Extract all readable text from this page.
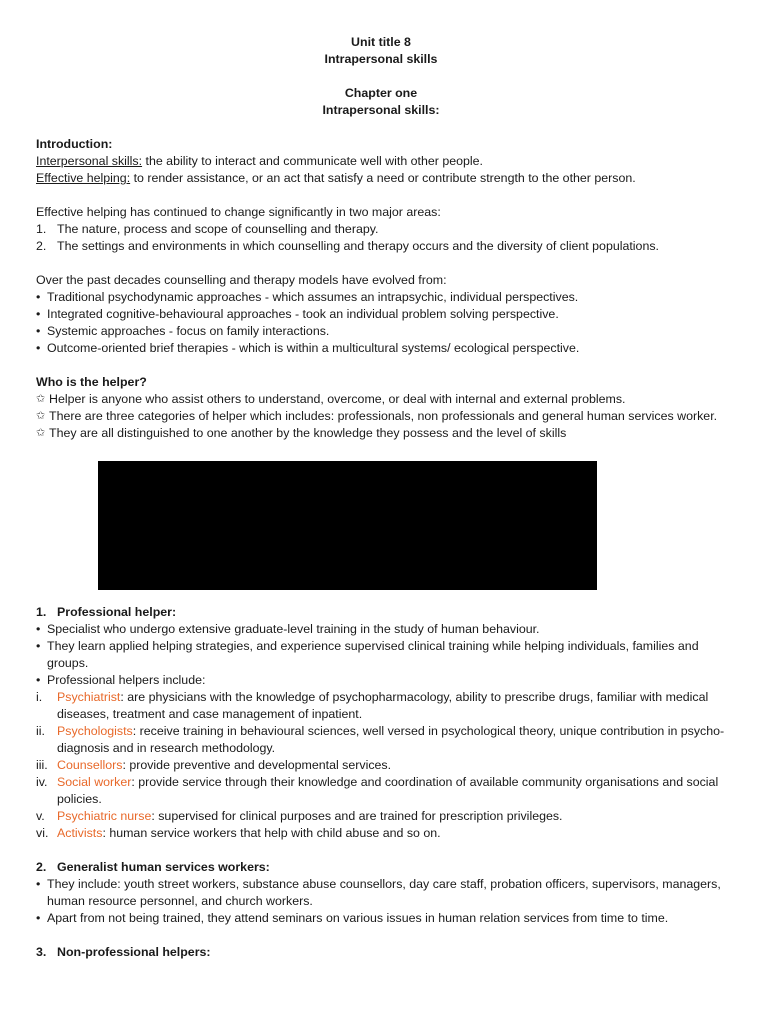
Unit title 8
Intrapersonal skills
Chapter one
Intrapersonal skills:
Introduction:
Interpersonal skills: the ability to interact and communicate well with other people.
Effective helping: to render assistance, or an act that satisfy a need or contribute strength to the other person.
Effective helping has continued to change significantly in two major areas:
1. The nature, process and scope of counselling and therapy.
2. The settings and environments in which counselling and therapy occurs and the diversity of client populations.
Over the past decades counselling and therapy models have evolved from:
• Traditional psychodynamic approaches - which assumes an intrapsychic, individual perspectives.
• Integrated cognitive-behavioural approaches - took an individual problem solving perspective.
• Systemic approaches - focus on family interactions.
• Outcome-oriented brief therapies - which is within a multicultural systems/ ecological perspective.
Who is the helper?
✩ Helper is anyone who assist others to understand, overcome, or deal with internal and external problems.
✩ There are three categories of helper which includes: professionals, non professionals and general human services worker.
✩ They are all distinguished to one another by the knowledge they possess and the level of skills
1. Professional helper:
• Specialist who undergo extensive graduate-level training in the study of human behaviour.
• They learn applied helping strategies, and experience supervised clinical training while helping individuals, families and groups.
• Professional helpers include:
i.	Psychiatrist: are physicians with the knowledge of psychopharmacology, ability to prescribe drugs, familiar with medical diseases, treatment and case management of inpatient.
ii. Psychologists: receive training in behavioural sciences, well versed in psychological theory, unique contribution in psycho-diagnosis and in research methodology.
iii. Counsellors: provide preventive and developmental services.
iv. Social worker: provide service through their knowledge and coordination of available community organisations and social policies.
v. Psychiatric nurse: supervised for clinical purposes and are trained for prescription privileges.
vi. Activists: human service workers that help with child abuse and so on.
2. Generalist human services workers:
• They include: youth street workers, substance abuse counsellors, day care staff, probation officers, supervisors, managers, human resource personnel, and church workers.
• Apart from not being trained, they attend seminars on various issues in human relation services from time to time.
3. Non-professional helpers:
